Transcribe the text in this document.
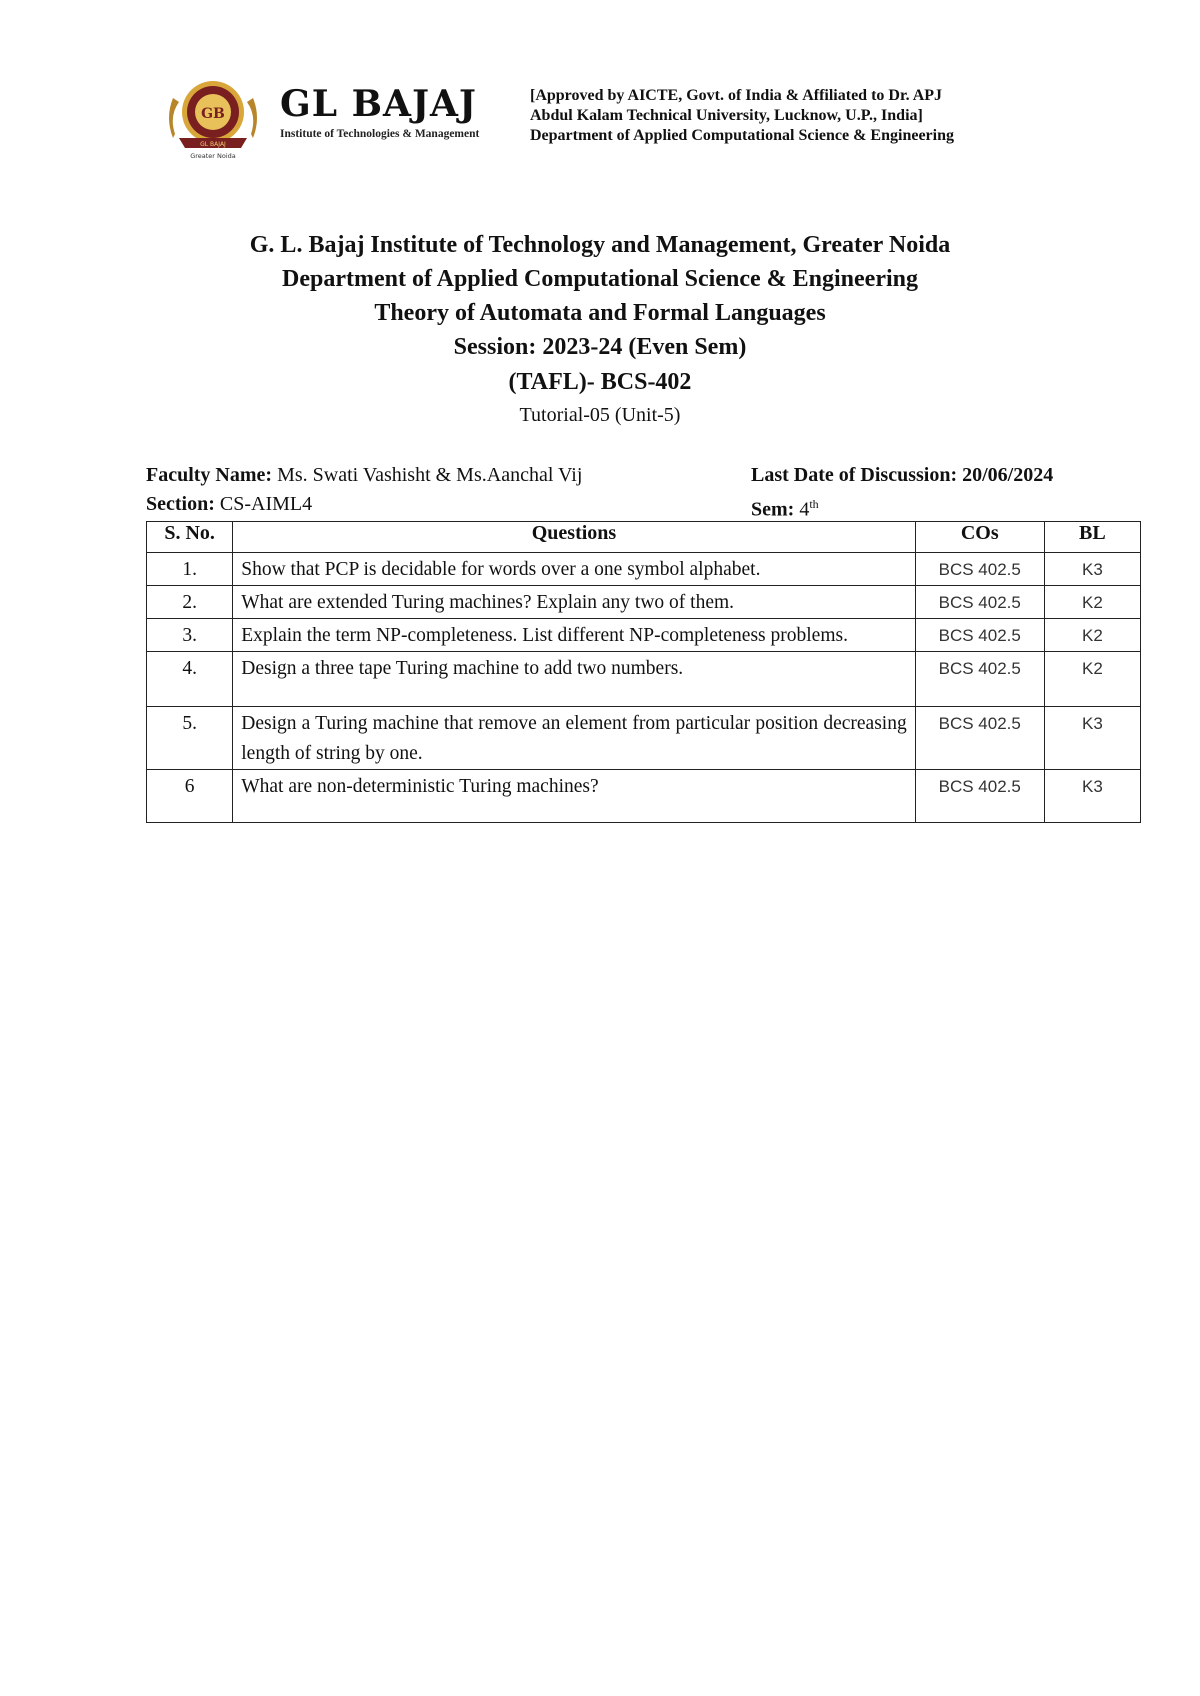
GB
GL BAJAJ
Greater Noida
GL BAJAJ
Institute of Technologies & Management
[Approved by AICTE, Govt. of India & Affiliated to Dr. APJ
Abdul Kalam Technical University, Lucknow, U.P., India]
Department of Applied Computational Science & Engineering
G. L. Bajaj Institute of Technology and Management, Greater Noida
Department of Applied Computational Science & Engineering
Theory of Automata and Formal Languages
Session: 2023-24 (Even Sem)
(TAFL)- BCS-402
Tutorial-05 (Unit-5)
Faculty Name: Ms. Swati Vashisht & Ms.Aanchal Vij	Last Date of Discussion: 20/06/2024
Section: CS-AIML4	Sem: 4th
S. No.	Questions	COs	BL
1.	Show that PCP is decidable for words over a one symbol alphabet.	BCS 402.5	K3
2.	What are extended Turing machines? Explain any two of them.	BCS 402.5	K2
3.	Explain the term NP-completeness. List different NP-completeness problems.	BCS 402.5	K2
4.	Design a three tape Turing machine to add two numbers.	BCS 402.5	K2
5.	Design a Turing machine that remove an element from particular position decreasing length of string by one.	BCS 402.5	K3
6	What are non-deterministic Turing machines?	BCS 402.5	K3
